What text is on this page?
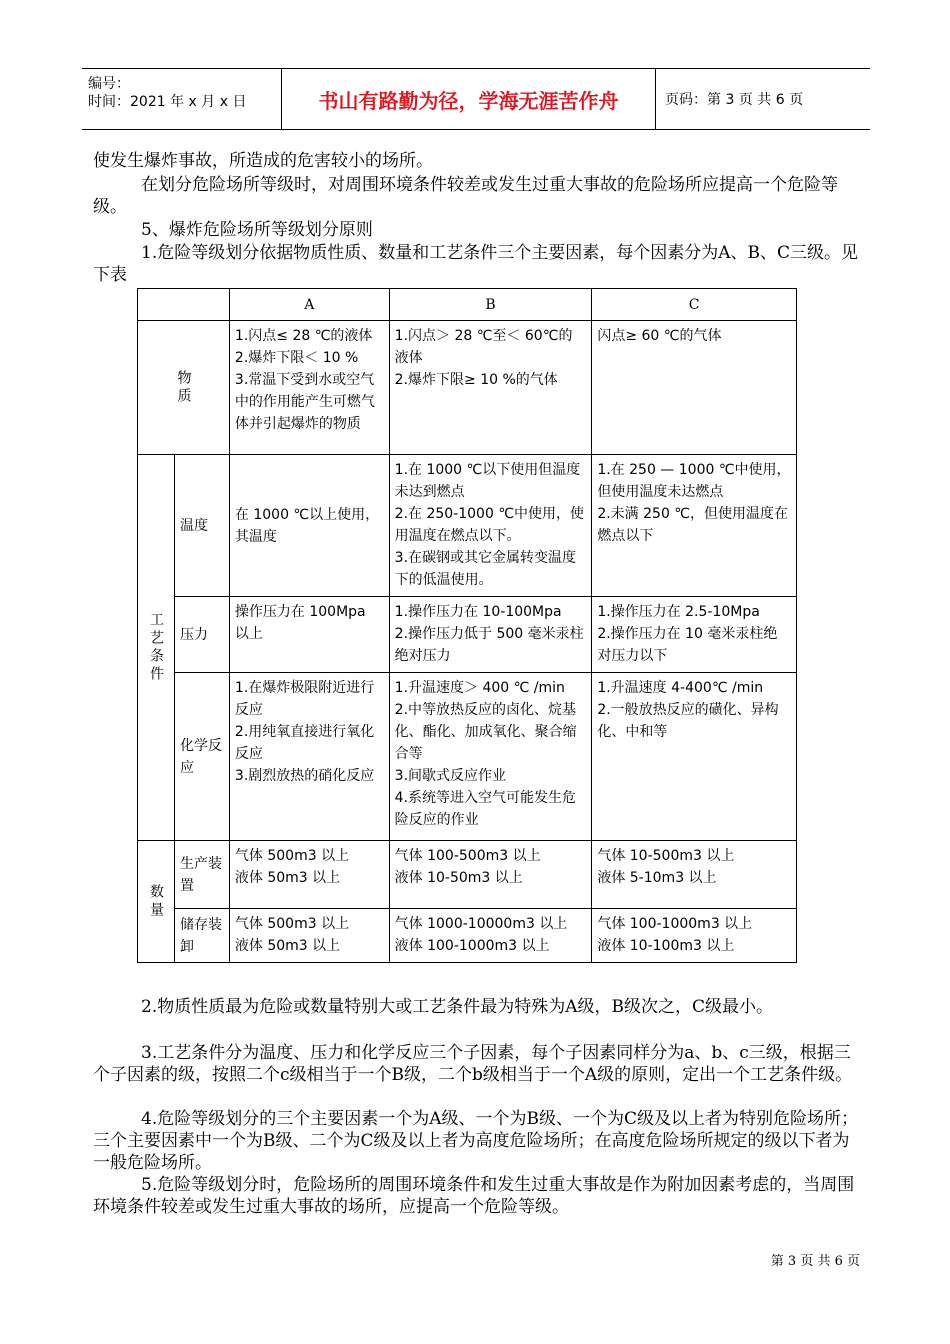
编号：
时间：2021 年 x 月 x 日	书山有路勤为径，学海无涯苦作舟	页码：第 3 页 共 6 页

使发生爆炸事故，所造成的危害较小的场所。

在划分危险场所等级时，对周围环境条件较差或发生过重大事故的危险场所应提高一个危险等级。

5、爆炸危险场所等级划分原则

1.危险等级划分依据物质性质、数量和工艺条件三个主要因素，每个因素分为A、B、C三级。见下表

		A	B	C

物质		1.闪点≤ 28 ℃的液体
2.爆炸下限＜ 10 %
3.常温下受到水或空气中的作用能产生可燃气体并引起爆炸的物质	1.闪点＞ 28 ℃至＜ 60℃的液体
2.爆炸下限≥ 10 %的气体	闪点≥ 60 ℃的气体

工艺条件	温度	在 1000 ℃以上使用，其温度	1.在 1000 ℃以下使用但温度未达到燃点
2.在 250-1000 ℃中使用，使用温度在燃点以下。
3.在碳钢或其它金属转变温度下的低温使用。	1.在 250 — 1000 ℃中使用，但使用温度未达燃点
2.未满 250 ℃，但使用温度在燃点以下

	压力	操作压力在 100Mpa 以上	1.操作压力在 10-100Mpa
2.操作压力低于 500 毫米汞柱绝对压力	1.操作压力在 2.5-10Mpa
2.操作压力在 10 毫米汞柱绝对压力以下

	化学反应	1.在爆炸极限附近进行反应
2.用纯氧直接进行氧化反应
3.剧烈放热的硝化反应	1.升温速度＞ 400 ℃ /min
2.中等放热反应的卤化、烷基化、酯化、加成氧化、聚合缩合等
3.间歇式反应作业
4.系统等进入空气可能发生危险反应的作业	1.升温速度 4-400℃ /min
2.一般放热反应的磺化、异构化、中和等

数量	生产装置	气体 500m3 以上
液体 50m3 以上	气体 100-500m3 以上
液体 10-50m3 以上	气体 10-500m3 以上
液体 5-10m3 以上

	储存装卸	气体 500m3 以上
液体 50m3 以上	气体 1000-10000m3 以上
液体 100-1000m3 以上	气体 100-1000m3 以上
液体 10-100m3 以上

2.物质性质最为危险或数量特别大或工艺条件最为特殊为A级，B级次之，C级最小。

3.工艺条件分为温度、压力和化学反应三个子因素，每个子因素同样分为a、b、c三级，根据三个子因素的级，按照二个c级相当于一个B级，二个b级相当于一个A级的原则，定出一个工艺条件级。

4.危险等级划分的三个主要因素一个为A级、一个为B级、一个为C级及以上者为特别危险场所；三个主要因素中一个为B级、二个为C级及以上者为高度危险场所；在高度危险场所规定的级以下者为一般危险场所。

5.危险等级划分时，危险场所的周围环境条件和发生过重大事故是作为附加因素考虑的，当周围环境条件较差或发生过重大事故的场所，应提高一个危险等级。

第 3 页 共 6 页
